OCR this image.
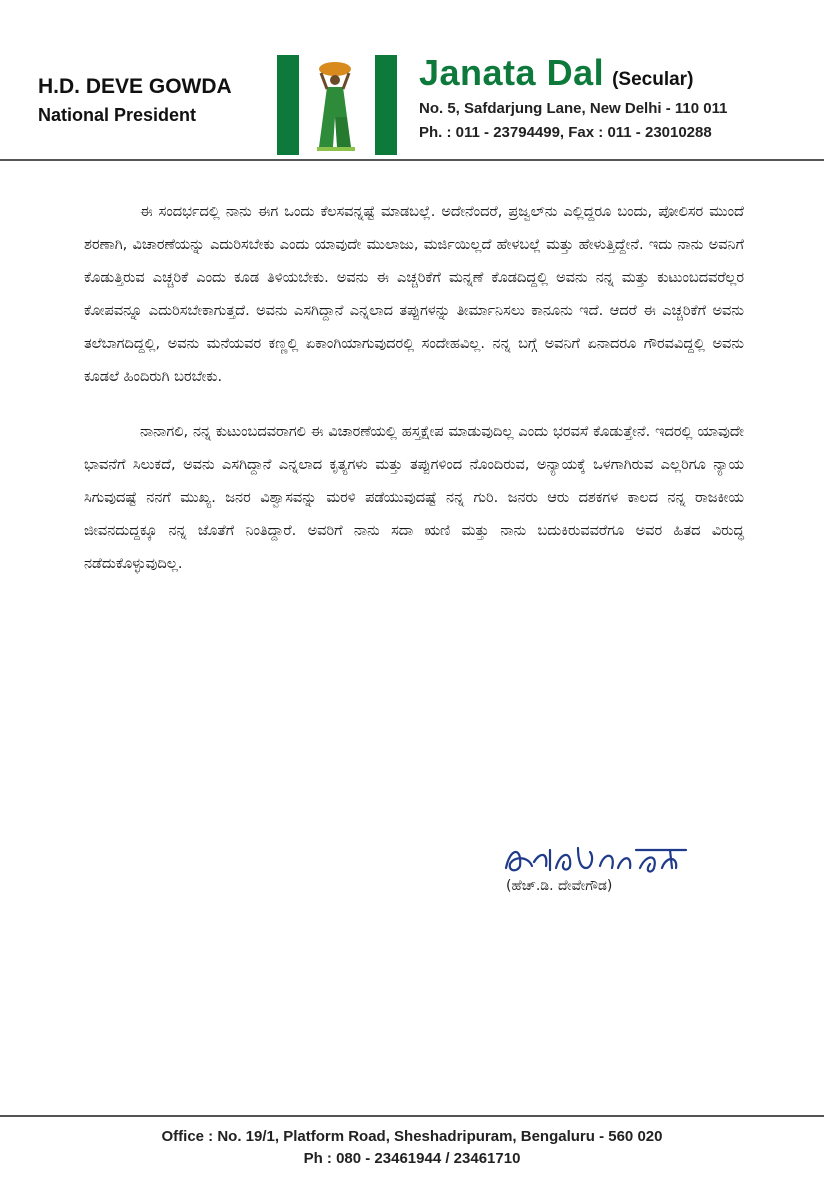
H.D. DEVE GOWDA
National President
Janata Dal (Secular)
No. 5, Safdarjung Lane, New Delhi - 110 011
Ph. : 011 - 23794499, Fax : 011 - 23010288

ಈ ಸಂದರ್ಭದಲ್ಲಿ ನಾನು ಈಗ ಒಂದು ಕೆಲಸವನ್ನಷ್ಟೆ ಮಾಡಬಲ್ಲೆ. ಅದೇನೆಂದರೆ, ಪ್ರಜ್ವಲ್‌ನು ಎಲ್ಲಿದ್ದರೂ ಬಂದು, ಪೋಲಿಸರ ಮುಂದೆ ಶರಣಾಗಿ, ವಿಚಾರಣೆಯನ್ನು ಎದುರಿಸಬೇಕು ಎಂದು ಯಾವುದೇ ಮುಲಾಜು, ಮರ್ಜಿಯಿಲ್ಲದೆ ಹೇಳಬಲ್ಲೆ ಮತ್ತು ಹೇಳುತ್ತಿದ್ದೇನೆ. ಇದು ನಾನು ಅವನಿಗೆ ಕೊಡುತ್ತಿರುವ ಎಚ್ಚರಿಕೆ ಎಂದು ಕೂಡ ತಿಳಿಯಬೇಕು. ಅವನು ಈ ಎಚ್ಚರಿಕೆಗೆ ಮನ್ನಣೆ ಕೊಡದಿದ್ದಲ್ಲಿ ಅವನು ನನ್ನ ಮತ್ತು ಕುಟುಂಬದವರೆಲ್ಲರ ಕೋಪವನ್ನೂ ಎದುರಿಸಬೇಕಾಗುತ್ತದೆ. ಅವನು ಎಸಗಿದ್ದಾನೆ ಎನ್ನಲಾದ ತಪ್ಪುಗಳನ್ನು ತೀರ್ಮಾನಿಸಲು ಕಾನೂನು ಇದೆ. ಆದರೆ ಈ ಎಚ್ಚರಿಕೆಗೆ ಅವನು ತಲೆಬಾಗದಿದ್ದಲ್ಲಿ, ಅವನು ಮನೆಯವರ ಕಣ್ಣಲ್ಲಿ ಏಕಾಂಗಿಯಾಗುವುದರಲ್ಲಿ ಸಂದೇಹವಿಲ್ಲ. ನನ್ನ ಬಗ್ಗೆ ಅವನಿಗೆ ಏನಾದರೂ ಗೌರವವಿದ್ದಲ್ಲಿ ಅವನು ಕೂಡಲೆ ಹಿಂದಿರುಗಿ ಬರಬೇಕು.

ನಾನಾಗಲಿ, ನನ್ನ ಕುಟುಂಬದವರಾಗಲಿ ಈ ವಿಚಾರಣೆಯಲ್ಲಿ ಹಸ್ತಕ್ಷೇಪ ಮಾಡುವುದಿಲ್ಲ ಎಂದು ಭರವಸೆ ಕೊಡುತ್ತೇನೆ. ಇದರಲ್ಲಿ ಯಾವುದೇ ಭಾವನೆಗೆ ಸಿಲುಕದೆ, ಅವನು ಎಸಗಿದ್ದಾನೆ ಎನ್ನಲಾದ ಕೃತ್ಯಗಳು ಮತ್ತು ತಪ್ಪುಗಳಿಂದ ನೊಂದಿರುವ, ಅನ್ಯಾಯಕ್ಕೆ ಒಳಗಾಗಿರುವ ಎಲ್ಲರಿಗೂ ನ್ಯಾಯ ಸಿಗುವುದಷ್ಟೆ ನನಗೆ ಮುಖ್ಯ. ಜನರ ವಿಶ್ವಾಸವನ್ನು ಮರಳಿ ಪಡೆಯುವುದಷ್ಟೆ ನನ್ನ ಗುರಿ. ಜನರು ಆರು ದಶಕಗಳ ಕಾಲದ ನನ್ನ ರಾಜಕೀಯ ಜೀವನದುದ್ದಕ್ಕೂ ನನ್ನ ಜೊತೆಗೆ ನಿಂತಿದ್ದಾರೆ. ಅವರಿಗೆ ನಾನು ಸದಾ ಋಣಿ ಮತ್ತು ನಾನು ಬದುಕಿರುವವರೆಗೂ ಅವರ ಹಿತದ ವಿರುದ್ಧ ನಡೆದುಕೊಳ್ಳುವುದಿಲ್ಲ.

(ಹೆಚ್.ಡಿ. ದೇವೇಗೌಡ)
Office : No. 19/1, Platform Road, Sheshadripuram, Bengaluru - 560 020
Ph : 080 - 23461944 / 23461710
